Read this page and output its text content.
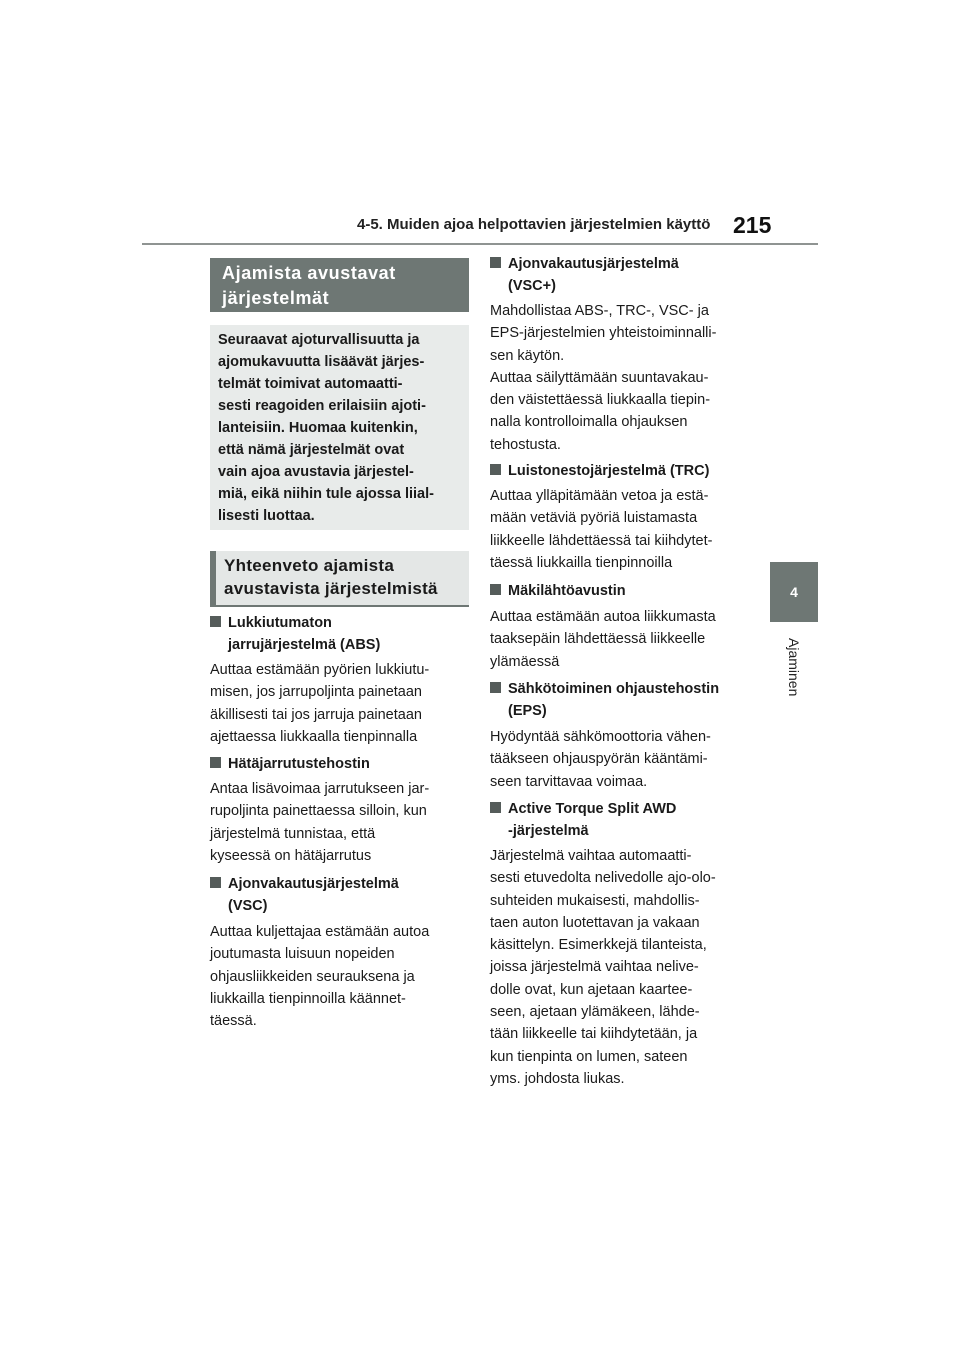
4-5. Muiden ajoa helpottavien järjestelmien käyttö 215
4
Ajaminen
Ajamista avustavat
järjestelmät
Seuraavat ajoturvallisuutta ja
ajomukavuutta lisäävät järjes-
telmät toimivat automaatti-
sesti reagoiden erilaisiin ajoti-
lanteisiin. Huomaa kuitenkin,
että nämä järjestelmät ovat
vain ajoa avustavia järjestel-
miä, eikä niihin tule ajossa liial-
lisesti luottaa.
Yhteenveto ajamista
avustavista järjestelmistä
Lukkiutumaton
jarrujärjestelmä (ABS)
Auttaa estämään pyörien lukkiutu-
misen, jos jarrupoljinta painetaan
äkillisesti tai jos jarruja painetaan
ajettaessa liukkaalla tienpinnalla
Hätäjarrutustehostin
Antaa lisävoimaa jarrutukseen jar-
rupoljinta painettaessa silloin, kun
järjestelmä tunnistaa, että
kyseessä on hätäjarrutus
Ajonvakautusjärjestelmä
(VSC)
Auttaa kuljettajaa estämään autoa
joutumasta luisuun nopeiden
ohjausliikkeiden seurauksena ja
liukkailla tienpinnoilla käännet-
täessä.
Ajonvakautusjärjestelmä
(VSC+)
Mahdollistaa ABS-, TRC-, VSC- ja
EPS-järjestelmien yhteistoiminnalli-
sen käytön.
Auttaa säilyttämään suuntavakau-
den väistettäessä liukkaalla tiepin-
nalla kontrolloimalla ohjauksen
tehostusta.
Luistonestojärjestelmä (TRC)
Auttaa ylläpitämään vetoa ja estä-
mään vetäviä pyöriä luistamasta
liikkeelle lähdettäessä tai kiihdytet-
täessä liukkailla tienpinnoilla
Mäkilähtöavustin
Auttaa estämään autoa liikkumasta
taaksepäin lähdettäessä liikkeelle
ylämäessä
Sähkötoiminen ohjaustehostin
(EPS)
Hyödyntää sähkömoottoria vähen-
tääkseen ohjauspyörän kääntämi-
seen tarvittavaa voimaa.
Active Torque Split AWD
-järjestelmä
Järjestelmä vaihtaa automaatti-
sesti etuvedolta nelivedolle ajo-olo-
suhteiden mukaisesti, mahdollis-
taen auton luotettavan ja vakaan
käsittelyn. Esimerkkejä tilanteista,
joissa järjestelmä vaihtaa nelive-
dolle ovat, kun ajetaan kaartee-
seen, ajetaan ylämäkeen, lähde-
tään liikkeelle tai kiihdytetään, ja
kun tienpinta on lumen, sateen
yms. johdosta liukas.
